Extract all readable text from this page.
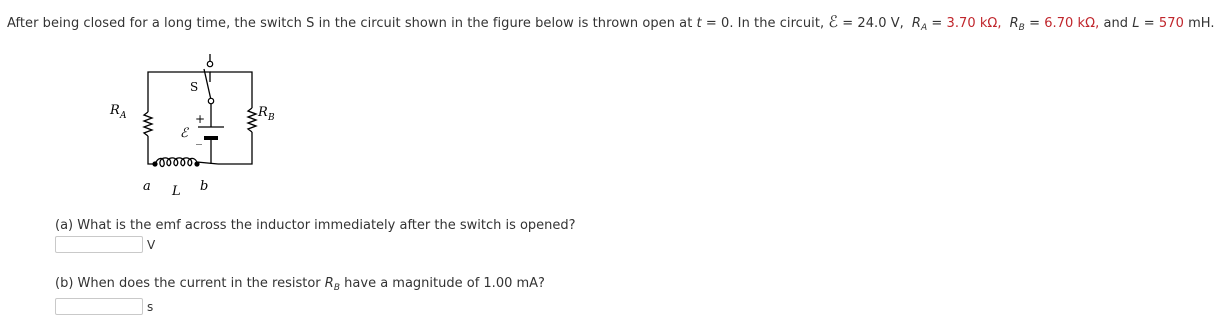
After being closed for a long time, the switch S in the circuit shown in the figure below is thrown open at t = 0. In the circuit, ℰ = 24.0 V, $R_A = 3.70$ kΩ, $R_B = 6.70$ kΩ, and L = 570 mH.
R A	R B
S
+
_
ℰ
a	b
L
(a) What is the emf across the inductor immediately after the switch is opened?
V
(b) When does the current in the resistor $R_B$ have a magnitude of 1.00 mA?
s
